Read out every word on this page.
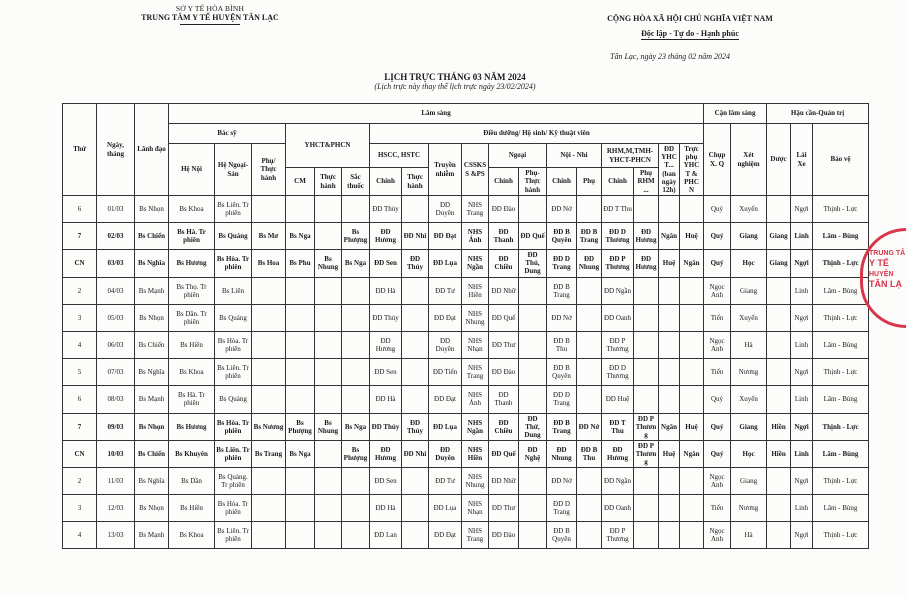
SỞ Y TẾ HÒA BÌNH
TRUNG TÂM Y TẾ HUYỆN TÂN LẠC	CỘNG HÒA XÃ HỘI CHỦ NGHĨA VIỆT NAM
Độc lập - Tự do - Hạnh phúc
Tân Lạc, ngày 23 tháng 02 năm 2024
LỊCH TRỰC THÁNG 03 NĂM 2024
(Lịch trực này thay thế lịch trực ngày 23/02/2024)
Thứ	Ngày, tháng	Lãnh đạo	Lâm sàng																		Cận lâm sàng		Hậu cần-Quản trị		
			Bác sỹ			YHCT&PHCN			Điều dưỡng/ Hộ sinh/ Kỹ thuật viên												Chụp X. Q	Xét nghiệm	Dược	Lái Xe	Bảo vệ
			Hệ Nội	Hệ Ngoại-Sản	Phụ/ Thực hành				HSCC, HSTC		Truyền nhiễm	CSSKS S &PS	Ngoại		Nội - Nhi		RHM,M,TMH-YHCT-PHCN		ĐD YHC T... (ban ngày 12h)	Trực phụ YHC T & PHC N					
						CM	Thực hành	Sắc thuốc	Chính	Thực hành			Chính	Phụ-Thực hành	Chính	Phụ	Chính	Phụ RHM ...							
6	01/03	Bs Nhọn	Bs Khoa	Bs Liên. Tr phiên					ĐD Thủy		ĐD Duyên	NHS Trang	ĐD Đào		ĐD Nở		ĐD T Thu				Quý	Xuyến		Ngợi	Thịnh - Lực
7	02/03	Bs Chiến	Bs Hà. Tr phiên	Bs Quảng	Bs Mơ	Bs Nga		Bs Phượng	ĐD Hương	ĐD Nhi	ĐD Đạt	NHS Ánh	ĐD Thanh	ĐD Quế	ĐD B Quyên	ĐD B Trang	ĐD D Thương	ĐD Hương	Ngân	Huệ	Quý	Giang	Giang	Linh	Lâm - Bùng
CN	03/03	Bs Nghĩa	Bs Hương	Bs Hòa. Tr phiên	Bs Hoa	Bs Phu	Bs Nhung	Bs Nga	ĐD Sen	ĐD Thủy	ĐD Lụa	NHS Ngần	ĐD Chiều	ĐD Thủ, Dung	ĐD D Trang	ĐD Nhung	ĐD P Thương	ĐD Hương	Huệ	Ngân	Quý	Học	Giang	Ngợi	Thịnh - Lực
2	04/03	Bs Mạnh	Bs Thọ. Tr phiên	Bs Liên					ĐD Hà		ĐD Tư	NHS Hiền	ĐD Nhữ		ĐD B Trang		ĐD Ngần				Ngọc Anh	Giang		Linh	Lâm - Bùng
3	05/03	Bs Nhọn	Bs Dần. Tr phiên	Bs Quảng					ĐD Thủy		ĐD Đạt	NHS Nhung	ĐD Quế		ĐD Nở		ĐD Oanh				Tiến	Xuyến		Ngợi	Thịnh - Lực
4	06/03	Bs Chiến	Bs Hiền	Bs Hòa. Tr phiên					ĐD Hương		ĐD Duyên	NHS Nhạn	ĐD Thư		ĐD B Thu		ĐD P Thương				Ngọc Anh	Hà		Linh	Lâm - Bùng
5	07/03	Bs Nghĩa	Bs Khoa	Bs Liên. Tr phiên					ĐD Sen		ĐD Tiến	NHS Trang	ĐD Đào		ĐD B Quyên		ĐD D Thương				Tiến	Nương		Ngợi	Thịnh - Lực
6	08/03	Bs Mạnh	Bs Hà. Tr phiên	Bs Quảng					ĐD Hà		ĐD Đạt	NHS Ánh	ĐD Thanh		ĐD Đ Trang		ĐD Huệ				Quý	Xuyến		Linh	Lâm - Bùng
7	09/03	Bs Nhọn	Bs Hương	Bs Hòa. Tr phiên	Bs Nương	Bs Phượng	Bs Nhung	Bs Nga	ĐD Thủy	ĐD Thủy	ĐD Lụa	NHS Ngần	ĐD Chiều	ĐD Thứ, Dung	ĐD B Trang	ĐD Nở	ĐD T Thu	ĐD P Thương	Ngân	Huệ	Quý	Giang	Hiền	Ngợi	Thịnh - Lực
CN	10/03	Bs Chiến	Bs Khuyên	Bs Liên. Tr phiên	Bs Trang	Bs Nga		Bs Phượng	ĐD Hương	ĐD Nhi	ĐD Duyên	NHS Hiền	ĐD Quế	ĐD Nghệ	ĐD Nhung	ĐD B Thu	ĐD Hương	ĐD P Thương	Huệ	Ngân	Quý	Học	Hiền	Linh	Lâm - Bùng
2	11/03	Bs Nghĩa	Bs Dần	Bs Quảng. Tr phiên					ĐD Sen		ĐD Tư	NHS Nhung	ĐD Nhữ		ĐD Nở		ĐD Ngần				Ngọc Anh	Giang		Ngợi	Thịnh - Lực
3	12/03	Bs Nhọn	Bs Hiền	Bs Hòa. Tr phiên					ĐD Hà		ĐD Lụa	NHS Nhạn	ĐD Thư		ĐD D Trang		ĐD Oanh				Tiến	Nương		Linh	Lâm - Bùng
4	13/03	Bs Mạnh	Bs Khoa	Bs Liên. Tr phiên					ĐD Lan		ĐD Đạt	NHS Trang	ĐD Đào		ĐD B Quyên		ĐD P Thương				Ngọc Anh	Hà		Ngợi	Thịnh - Lực
TRUNG TÂ
Y TẾ
HUYỆN
TÂN LẠ
